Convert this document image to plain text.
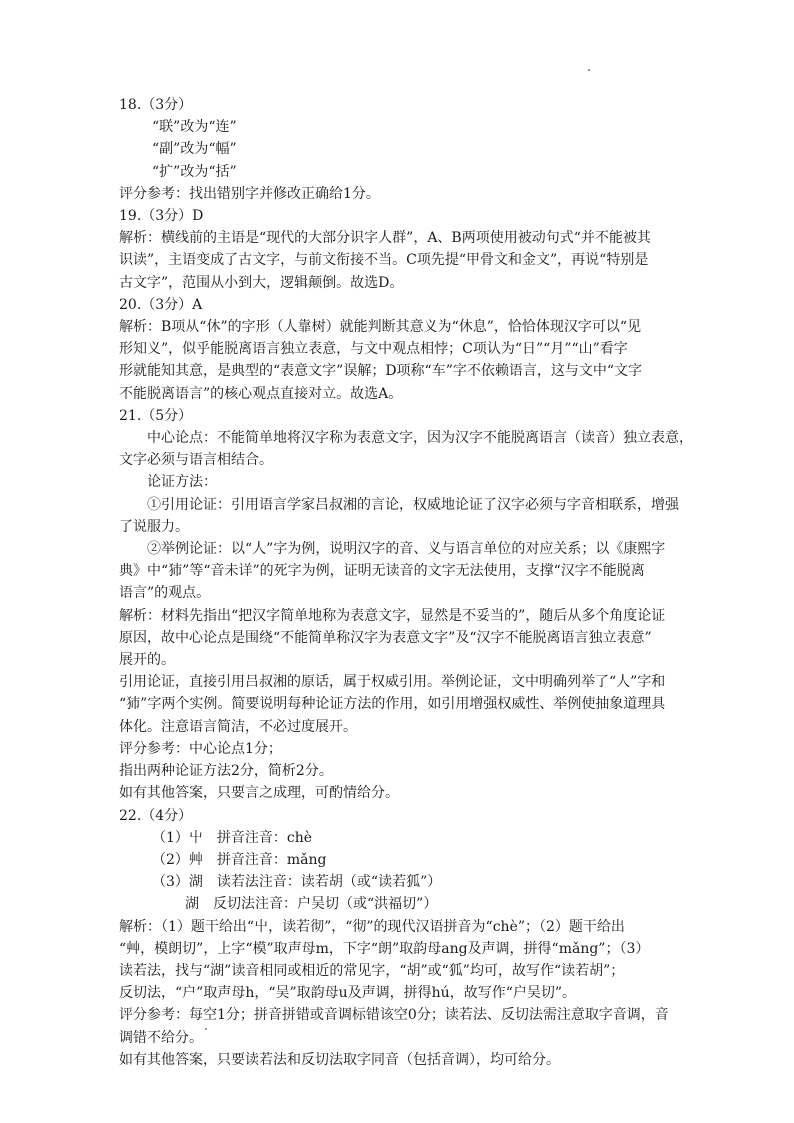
18.（3分）
“联”改为“连”
“副”改为“幅”
“扩”改为“括”
评分参考：找出错别字并修改正确给1分。
19.（3分）D
解析：横线前的主语是“现代的大部分识字人群”，A、B两项使用被动句式“并不能被其
识读”，主语变成了古文字，与前文衔接不当。C项先提“甲骨文和金文”，再说“特别是
古文字”，范围从小到大，逻辑颠倒。故选D。
20.（3分）A
解析：B项从“休”的字形（人靠树）就能判断其意义为“休息”，恰恰体现汉字可以“见
形知义”，似乎能脱离语言独立表意，与文中观点相悖；C项认为“日”“月”“山”看字
形就能知其意，是典型的“表意文字”误解；D项称“车”字不依赖语言，这与文中“文字
不能脱离语言”的核心观点直接对立。故选A。
21.（5分）
中心论点：不能简单地将汉字称为表意文字，因为汉字不能脱离语言（读音）独立表意，
文字必须与语言相结合。
论证方法：
①引用论证：引用语言学家吕叔湘的言论，权威地论证了汉字必须与字音相联系，增强
了说服力。
②举例论证：以“人”字为例，说明汉字的音、义与语言单位的对应关系；以《康熙字
典》中“犻”等“音未详”的死字为例，证明无读音的文字无法使用，支撑“汉字不能脱离
语言”的观点。
解析：材料先指出“把汉字简单地称为表意文字，显然是不妥当的”，随后从多个角度论证
原因，故中心论点是围绕“不能简单称汉字为表意文字”及“汉字不能脱离语言独立表意”
展开的。
引用论证，直接引用吕叔湘的原话，属于权威引用。举例论证，文中明确列举了“人”字和
“犻”字两个实例。简要说明每种论证方法的作用，如引用增强权威性、举例使抽象道理具
体化。注意语言简洁，不必过度展开。
评分参考：中心论点1分；
指出两种论证方法2分，简析2分。
如有其他答案，只要言之成理，可酌情给分。
22.（4分）
（1）屮　拼音注音：chè
（2）艸　拼音注音：mǎng
（3）湖　读若法注音：读若胡（或“读若狐”）
湖　反切法注音：户吴切（或“洪福切”）
解析：（1）题干给出“屮，读若彻”，“彻”的现代汉语拼音为“chè”；（2）题干给出
“艸，模朗切”，上字“模”取声母m，下字“朗”取韵母ang及声调，拼得“mǎng”；（3）
读若法，找与“湖”读音相同或相近的常见字，“胡”或“狐”均可，故写作“读若胡”；
反切法，“户”取声母h，“吴”取韵母u及声调，拼得hú，故写作“户吴切”。
评分参考：每空1分；拼音拼错或音调标错该空0分；读若法、反切法需注意取字音调，音
调错不给分。
如有其他答案，只要读若法和反切法取字同音（包括音调），均可给分。
